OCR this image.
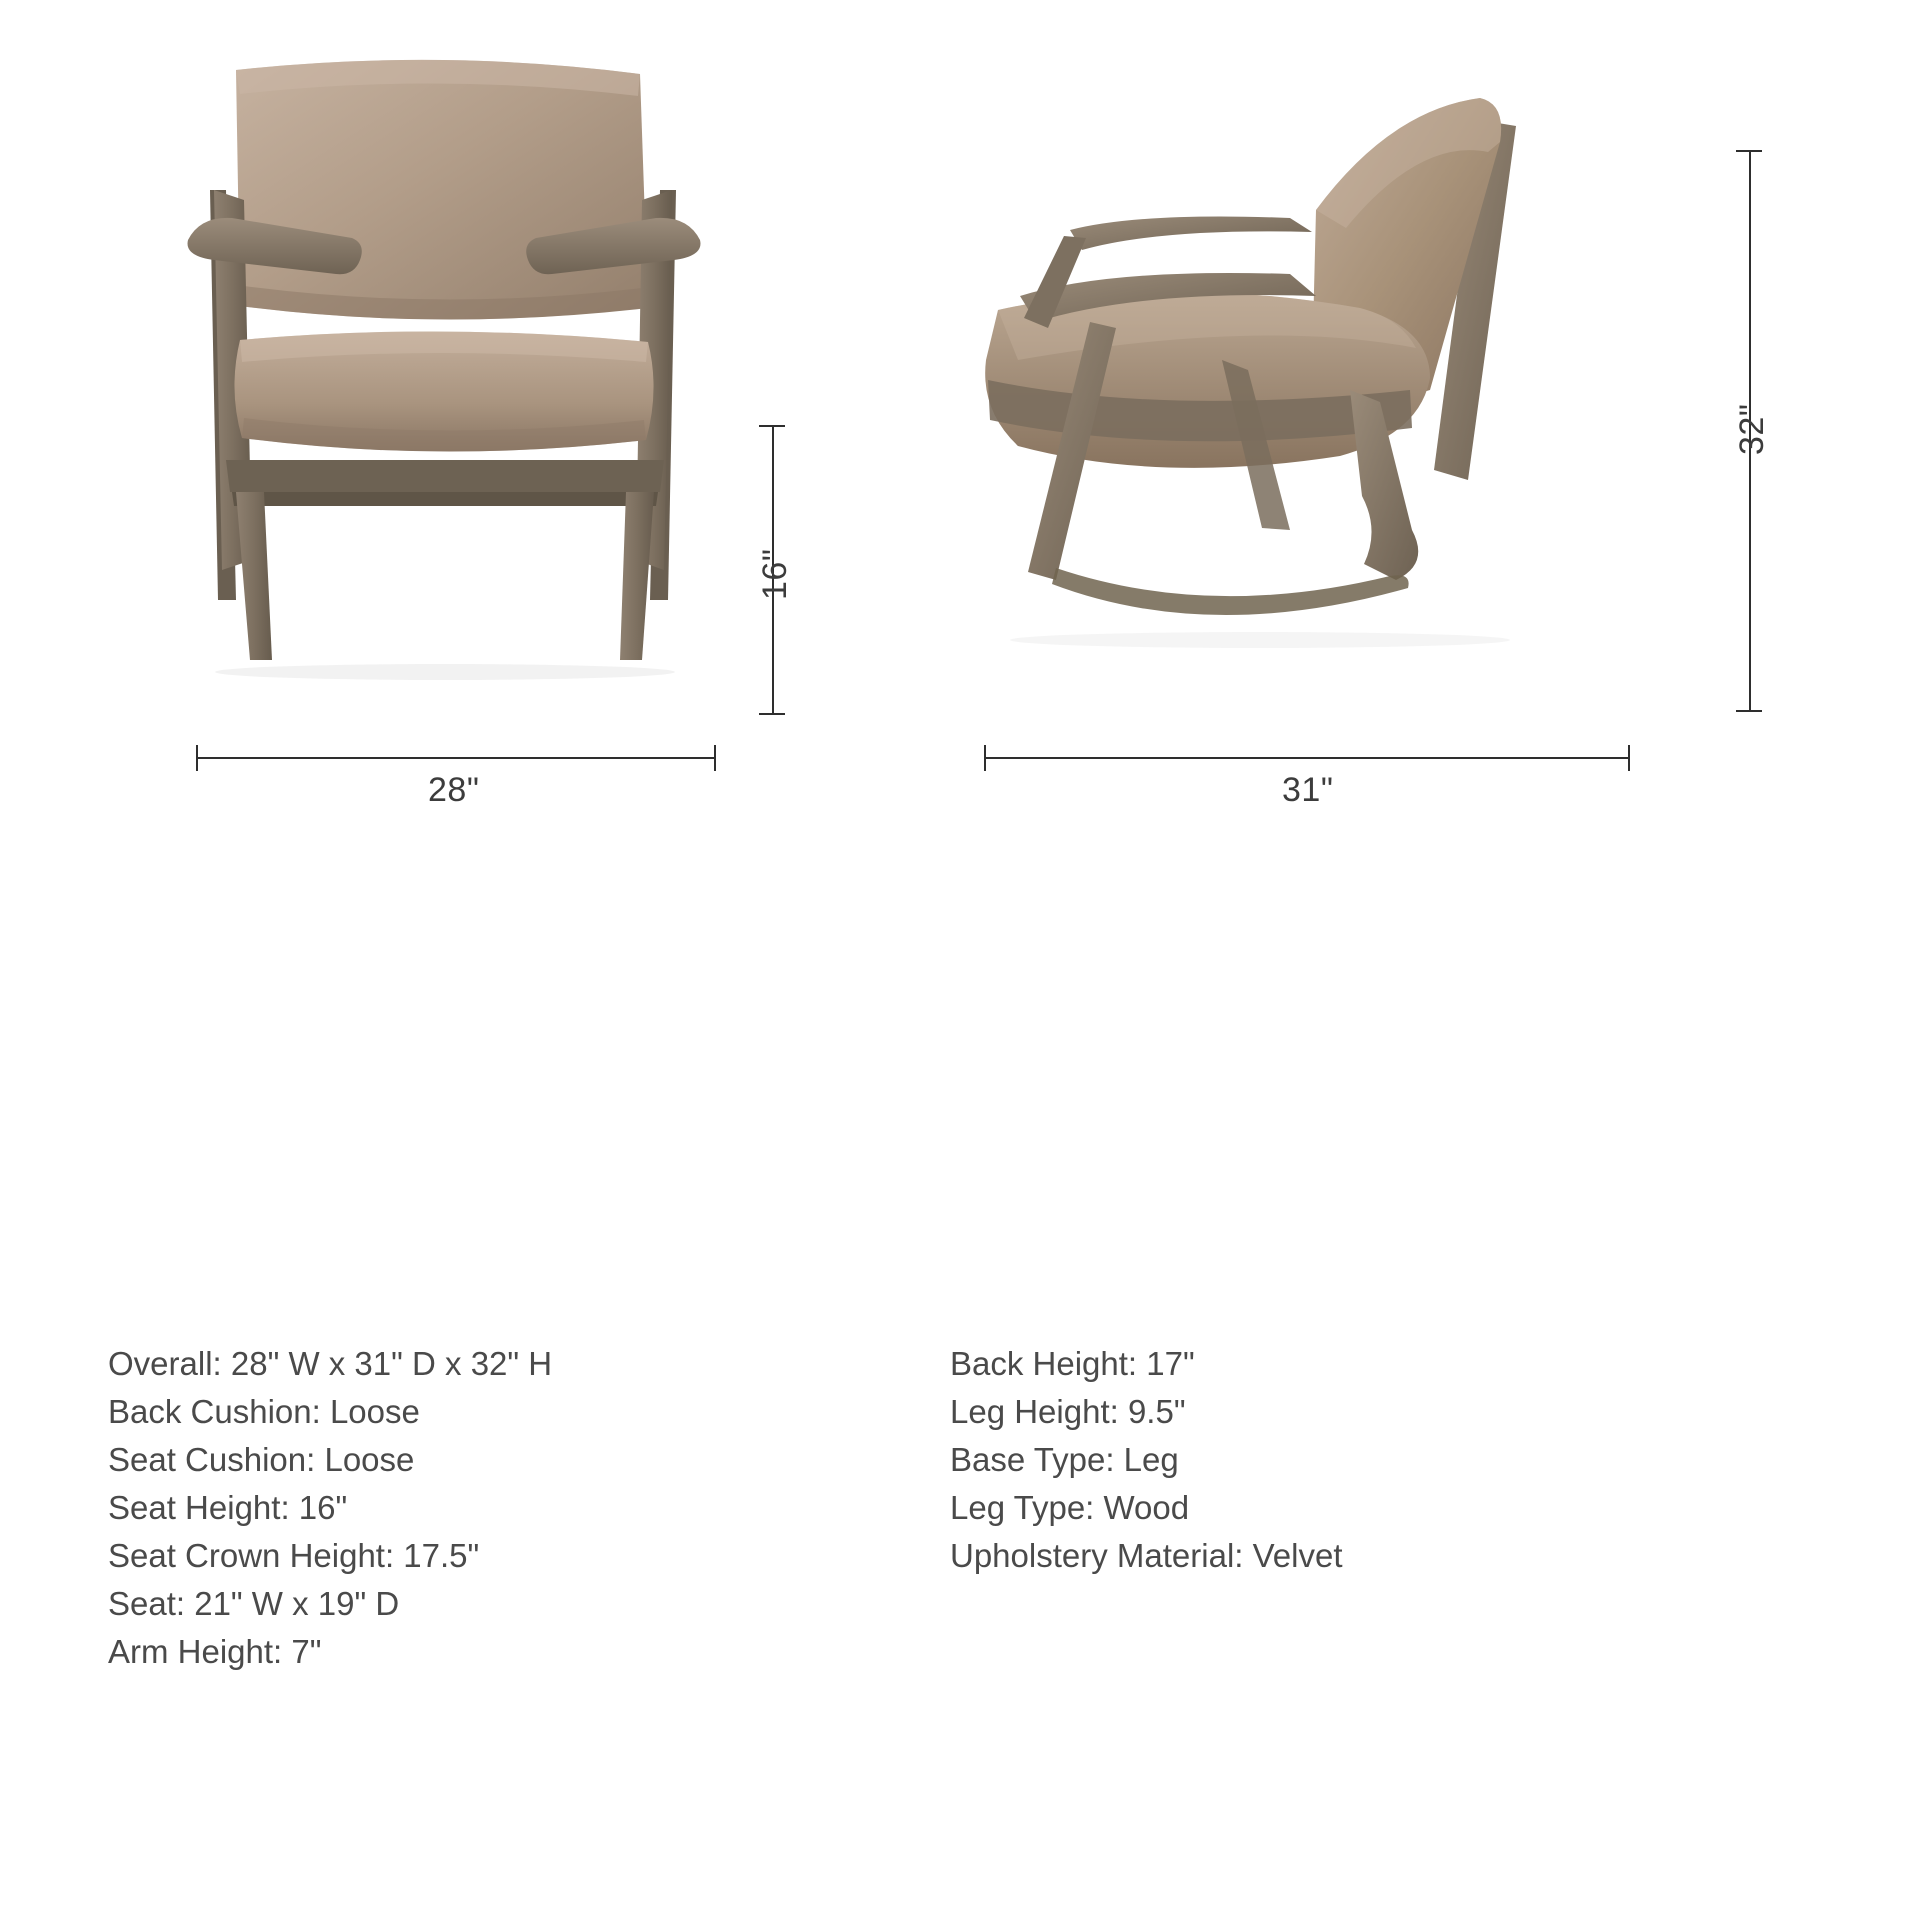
16"
28"
32"
31"
Overall: 28" W x 31" D x 32" H
Back Cushion: Loose
Seat Cushion: Loose
Seat Height: 16"
Seat Crown Height: 17.5"
Seat: 21" W x 19" D
Arm Height: 7"
Back Height: 17"
Leg Height: 9.5"
Base Type: Leg
Leg Type: Wood
Upholstery Material: Velvet
